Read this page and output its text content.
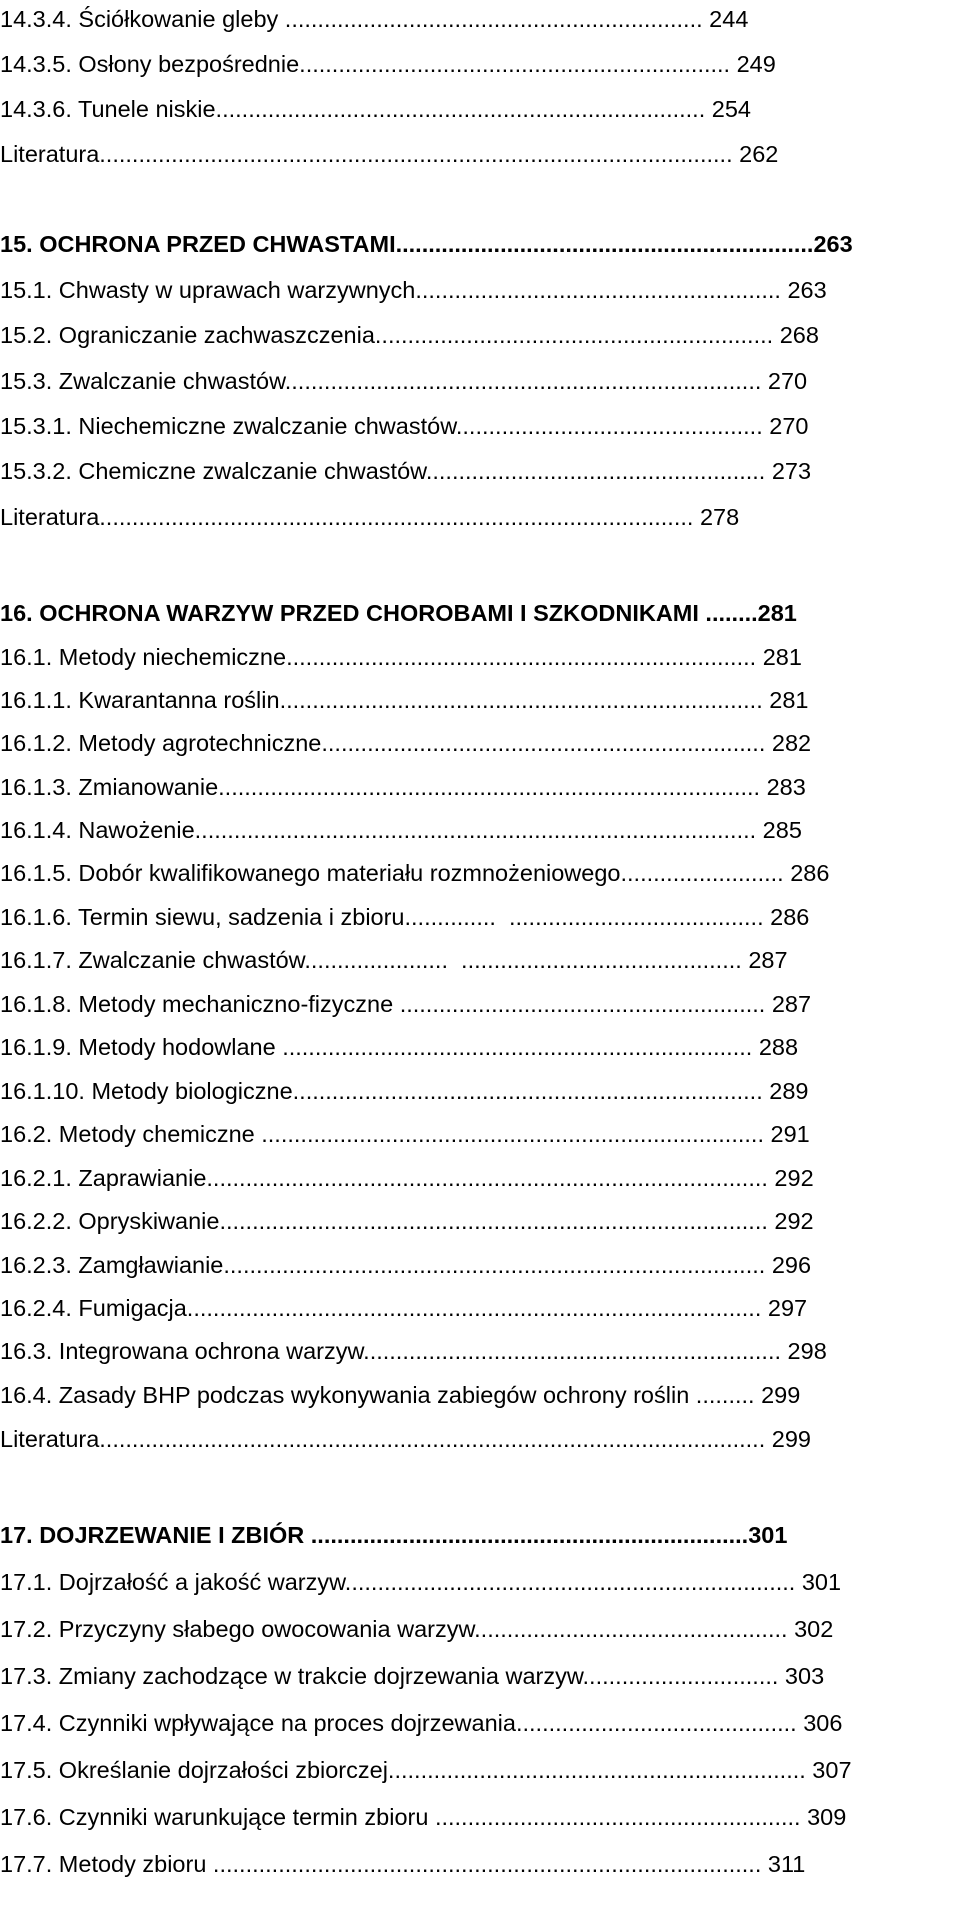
14.3.4. Ściółkowanie gleby ................................................................ 244
14.3.5. Osłony bezpośrednie.................................................................. 249
14.3.6. Tunele niskie........................................................................... 254
Literatura................................................................................................. 262
15. OCHRONA PRZED CHWASTAMI................................................................263
15.1. Chwasty w uprawach warzywnych........................................................ 263
15.2. Ograniczanie zachwaszczenia............................................................. 268
15.3. Zwalczanie chwastów......................................................................... 270
15.3.1. Niechemiczne zwalczanie chwastów............................................... 270
15.3.2. Chemiczne zwalczanie chwastów.................................................... 273
Literatura........................................................................................... 278
16. OCHRONA WARZYW PRZED CHOROBAMI I SZKODNIKAMI ........281
16.1. Metody niechemiczne........................................................................ 281
16.1.1. Kwarantanna roślin.......................................................................... 281
16.1.2. Metody agrotechniczne.................................................................... 282
16.1.3. Zmianowanie................................................................................... 283
16.1.4. Nawożenie...................................................................................... 285
16.1.5. Dobór kwalifikowanego materiału rozmnożeniowego......................... 286
16.1.6. Termin siewu, sadzenia i zbioru..............  ....................................... 286
16.1.7. Zwalczanie chwastów......................  ........................................... 287
16.1.8. Metody mechaniczno-fizyczne ........................................................ 287
16.1.9. Metody hodowlane ........................................................................ 288
16.1.10. Metody biologiczne........................................................................ 289
16.2. Metody chemiczne ............................................................................. 291
16.2.1. Zaprawianie...................................................................................... 292
16.2.2. Opryskiwanie.................................................................................... 292
16.2.3. Zamgławianie................................................................................... 296
16.2.4. Fumigacja........................................................................................ 297
16.3. Integrowana ochrona warzyw................................................................ 298
16.4. Zasady BHP podczas wykonywania zabiegów ochrony roślin ......... 299
Literatura...................................................................................................... 299
17. DOJRZEWANIE I ZBIÓR ...................................................................301
17.1. Dojrzałość a jakość warzyw..................................................................... 301
17.2. Przyczyny słabego owocowania warzyw................................................ 302
17.3. Zmiany zachodzące w trakcie dojrzewania warzyw.............................. 303
17.4. Czynniki wpływające na proces dojrzewania........................................... 306
17.5. Określanie dojrzałości zbiorczej................................................................ 307
17.6. Czynniki warunkujące termin zbioru ........................................................ 309
17.7. Metody zbioru .................................................................................... 311
